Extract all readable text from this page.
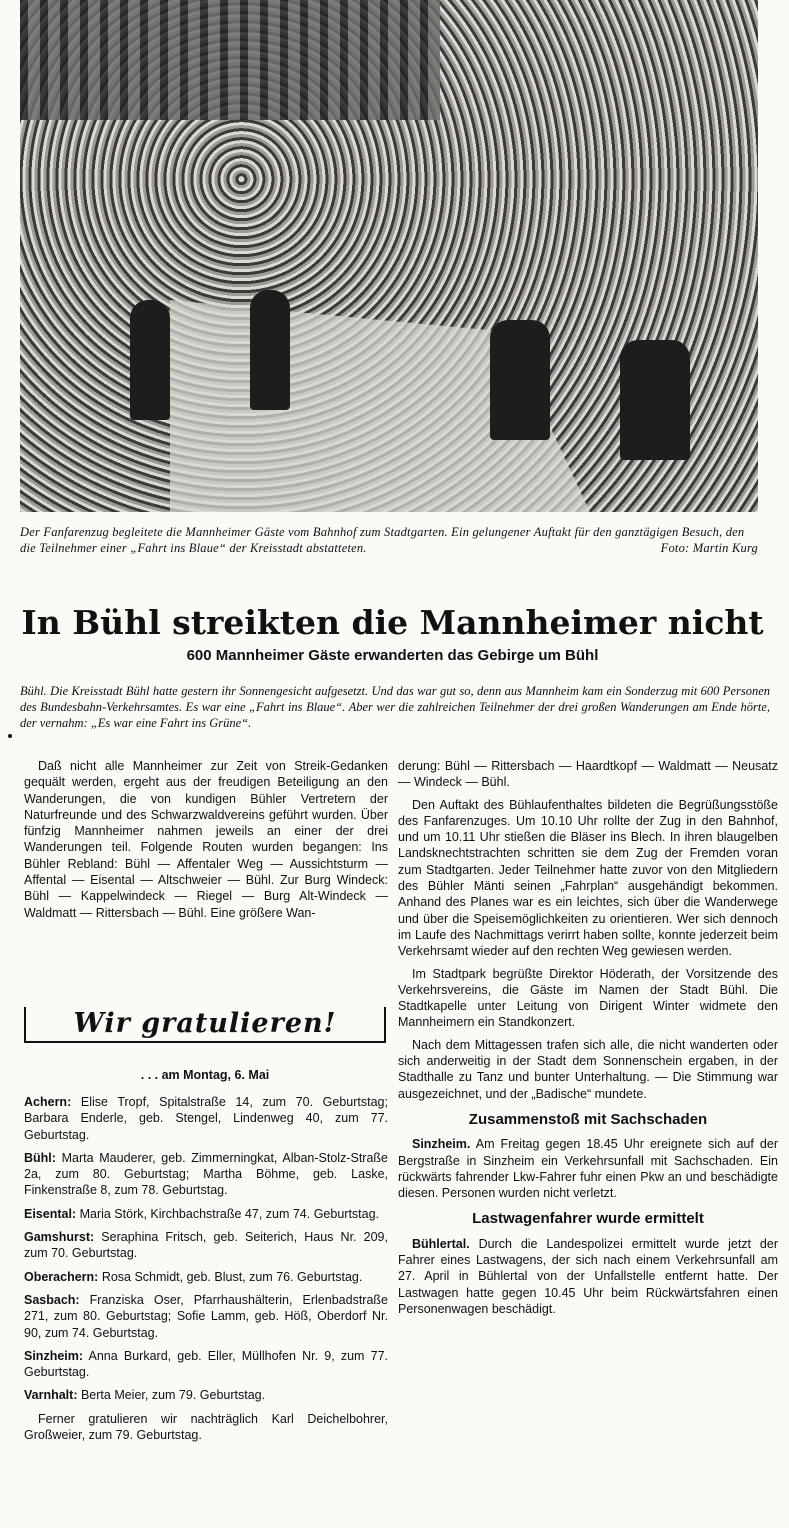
Der Fanfarenzug begleitete die Mannheimer Gäste vom Bahnhof zum Stadtgarten. Ein gelungener Auftakt für den ganztägigen Besuch, den die Teilnehmer einer „Fahrt ins Blaue“ der Kreisstadt abstatteten.	Foto: Martin Kurg
In Bühl streikten die Mannheimer nicht
600 Mannheimer Gäste erwanderten das Gebirge um Bühl
Bühl. Die Kreisstadt Bühl hatte gestern ihr Sonnengesicht aufgesetzt. Und das war gut so, denn aus Mannheim kam ein Sonderzug mit 600 Personen des Bundesbahn-Verkehrsamtes. Es war eine „Fahrt ins Blaue“. Aber wer die zahlreichen Teilnehmer der drei großen Wanderungen am Ende hörte, der vernahm: „Es war eine Fahrt ins Grüne“.

Daß nicht alle Mannheimer zur Zeit von Streik-Gedanken gequält werden, ergeht aus der freudigen Beteiligung an den Wanderungen, die von kundigen Bühler Vertretern der Naturfreunde und des Schwarzwaldvereins geführt wurden. Über fünfzig Mannheimer nahmen jeweils an einer der drei Wanderungen teil. Folgende Routen wurden begangen: Ins Bühler Rebland: Bühl — Affentaler Weg — Aussichtsturm — Affental — Eisental — Altschweier — Bühl. Zur Burg Windeck: Bühl — Kappelwindeck — Riegel — Burg Alt-Windeck — Waldmatt — Rittersbach — Bühl. Eine größere Wan-

derung: Bühl — Rittersbach — Haardtkopf — Waldmatt — Neusatz — Windeck — Bühl.

Den Auftakt des Bühlaufenthaltes bildeten die Begrüßungsstöße des Fanfarenzuges. Um 10.10 Uhr rollte der Zug in den Bahnhof, und um 10.11 Uhr stießen die Bläser ins Blech. In ihren blaugelben Landsknechtstrachten schritten sie dem Zug der Fremden voran zum Stadtgarten. Jeder Teilnehmer hatte zuvor von den Mitgliedern des Bühler Mänti seinen „Fahrplan“ ausgehändigt bekommen. Anhand des Planes war es ein leichtes, sich über die Wanderwege und über die Speisemöglichkeiten zu orientieren. Wer sich dennoch im Laufe des Nachmittags verirrt haben sollte, konnte jederzeit beim Verkehrsamt wieder auf den rechten Weg gewiesen werden.

Im Stadtpark begrüßte Direktor Höderath, der Vorsitzende des Verkehrsvereins, die Gäste im Namen der Stadt Bühl. Die Stadtkapelle unter Leitung von Dirigent Winter widmete den Mannheimern ein Standkonzert.

Nach dem Mittagessen trafen sich alle, die nicht wanderten oder sich anderweitig in der Stadt dem Sonnenschein ergaben, in der Stadthalle zu Tanz und bunter Unterhaltung. — Die Stimmung war ausgezeichnet, und der „Badische“ mundete.

Zusammenstoß mit Sachschaden

Sinzheim. Am Freitag gegen 18.45 Uhr ereignete sich auf der Bergstraße in Sinzheim ein Verkehrsunfall mit Sachschaden. Ein rückwärts fahrender Lkw-Fahrer fuhr einen Pkw an und beschädigte diesen. Personen wurden nicht verletzt.

Lastwagenfahrer wurde ermittelt

Bühlertal. Durch die Landespolizei ermittelt wurde jetzt der Fahrer eines Lastwagens, der sich nach einem Verkehrsunfall am 27. April in Bühlertal von der Unfallstelle entfernt hatte. Der Lastwagen hatte gegen 10.45 Uhr beim Rückwärtsfahren einen Personenwagen beschädigt.

Wir gratulieren!
. . . am Montag, 6. Mai

Achern: Elise Tropf, Spitalstraße 14, zum 70. Geburtstag; Barbara Enderle, geb. Stengel, Lindenweg 40, zum 77. Geburtstag.

Bühl: Marta Mauderer, geb. Zimmerningkat, Alban-Stolz-Straße 2a, zum 80. Geburtstag; Martha Böhme, geb. Laske, Finkenstraße 8, zum 78. Geburtstag.

Eisental: Maria Störk, Kirchbachstraße 47, zum 74. Geburtstag.

Gamshurst: Seraphina Fritsch, geb. Seiterich, Haus Nr. 209, zum 70. Geburtstag.

Oberachern: Rosa Schmidt, geb. Blust, zum 76. Geburtstag.

Sasbach: Franziska Oser, Pfarrhaushälterin, Erlenbadstraße 271, zum 80. Geburtstag; Sofie Lamm, geb. Höß, Oberdorf Nr. 90, zum 74. Geburtstag.

Sinzheim: Anna Burkard, geb. Eller, Müllhofen Nr. 9, zum 77. Geburtstag.

Varnhalt: Berta Meier, zum 79. Geburtstag.

Ferner gratulieren wir nachträglich Karl Deichelbohrer, Großweier, zum 79. Geburtstag.
